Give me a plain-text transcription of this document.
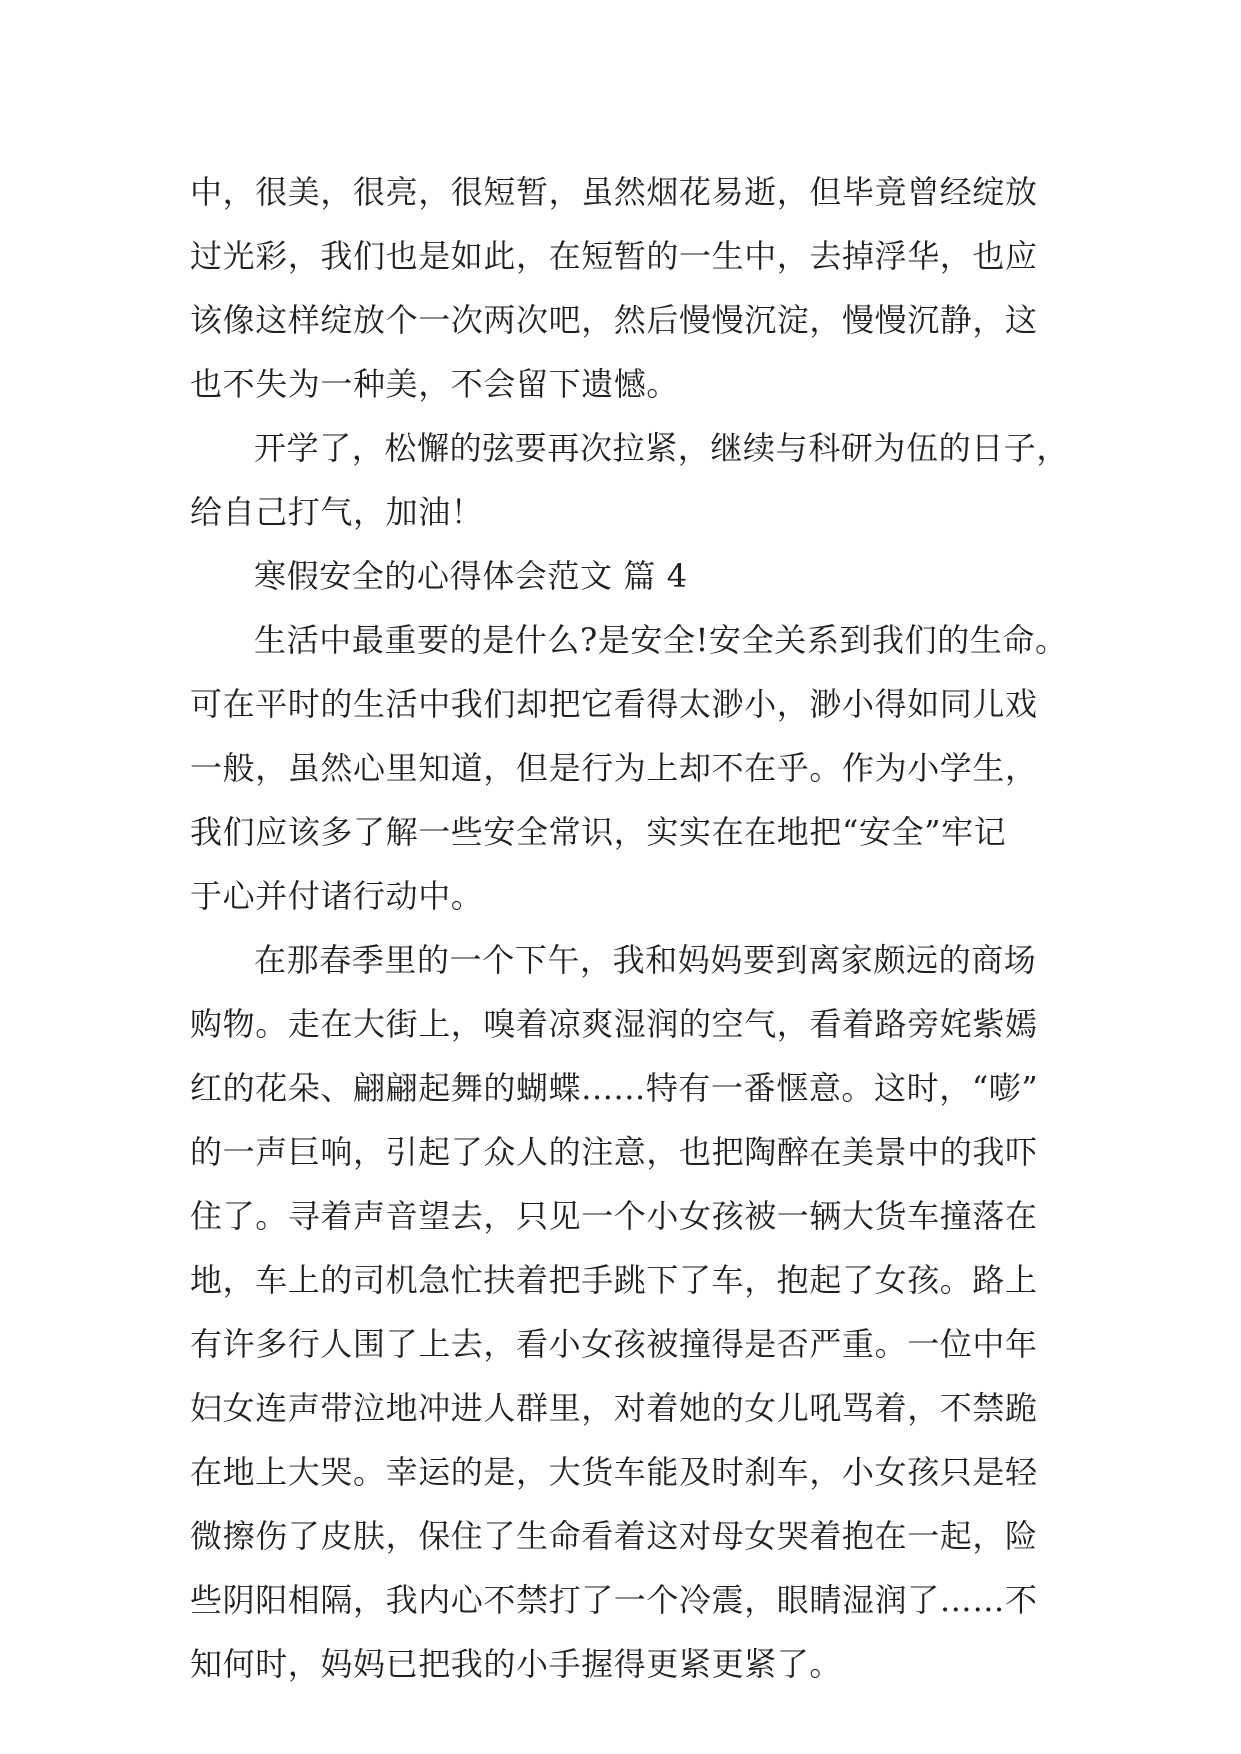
中，很美，很亮，很短暂，虽然烟花易逝，但毕竟曾经绽放
过光彩，我们也是如此，在短暂的一生中，去掉浮华，也应
该像这样绽放个一次两次吧，然后慢慢沉淀，慢慢沉静，这
也不失为一种美，不会留下遗憾。
开学了，松懈的弦要再次拉紧，继续与科研为伍的日子，
给自己打气，加油！
寒假安全的心得体会范文 篇 4
生活中最重要的是什么?是安全!安全关系到我们的生命。
可在平时的生活中我们却把它看得太渺小，渺小得如同儿戏
一般，虽然心里知道，但是行为上却不在乎。作为小学生，
我们应该多了解一些安全常识，实实在在地把“安全”牢记
于心并付诸行动中。
在那春季里的一个下午，我和妈妈要到离家颇远的商场
购物。走在大街上，嗅着凉爽湿润的空气，看着路旁姹紫嫣
红的花朵、翩翩起舞的蝴蝶......特有一番惬意。这时，“嘭”
的一声巨响，引起了众人的注意，也把陶醉在美景中的我吓
住了。寻着声音望去，只见一个小女孩被一辆大货车撞落在
地，车上的司机急忙扶着把手跳下了车，抱起了女孩。路上
有许多行人围了上去，看小女孩被撞得是否严重。一位中年
妇女连声带泣地冲进人群里，对着她的女儿吼骂着，不禁跪
在地上大哭。幸运的是，大货车能及时刹车，小女孩只是轻
微擦伤了皮肤，保住了生命看着这对母女哭着抱在一起，险
些阴阳相隔，我内心不禁打了一个冷震，眼睛湿润了……不
知何时，妈妈已把我的小手握得更紧更紧了。
